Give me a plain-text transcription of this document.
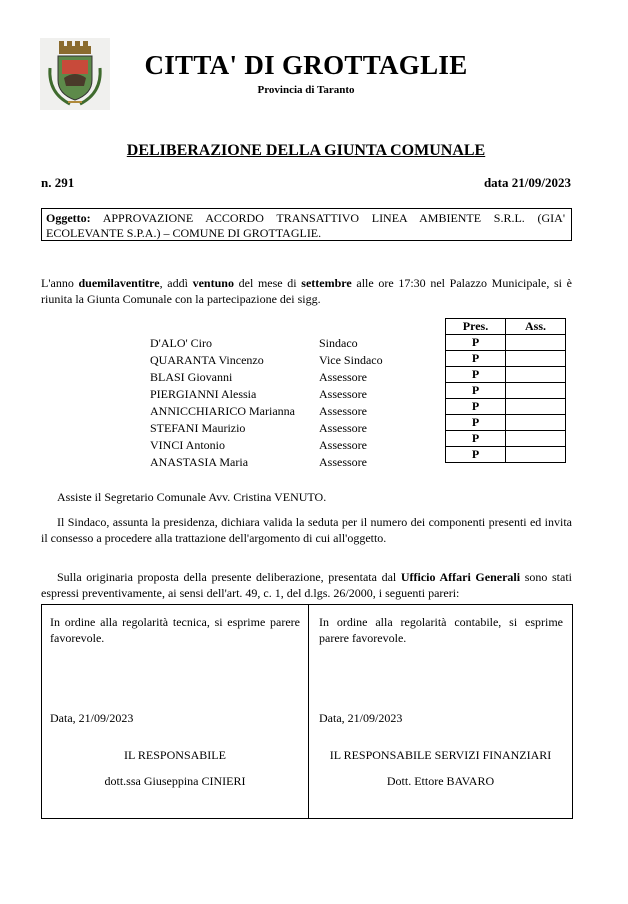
CITTA' DI GROTTAGLIE
Provincia di Taranto
DELIBERAZIONE DELLA GIUNTA COMUNALE
n. 291	data 21/09/2023
Oggetto: APPROVAZIONE ACCORDO TRANSATTIVO LINEA AMBIENTE S.R.L. (GIA' ECOLEVANTE S.P.A.) – COMUNE DI GROTTAGLIE.
L'anno duemilaventitre, addì ventuno del mese di settembre alle ore 17:30 nel Palazzo Municipale, si è riunita la Giunta Comunale con la partecipazione dei sigg.
D'ALO' Ciro	Sindaco
QUARANTA Vincenzo	Vice Sindaco
BLASI Giovanni	Assessore
PIERGIANNI Alessia	Assessore
ANNICCHIARICO Marianna Assessore
STEFANI Maurizio	Assessore
VINCI Antonio	Assessore
ANASTASIA Maria	Assessore
Pres.	Ass.
P	
P	
P	
P	
P	
P	
P	
P	
Assiste il Segretario Comunale Avv. Cristina VENUTO.
Il Sindaco, assunta la presidenza, dichiara valida la seduta per il numero dei componenti presenti ed invita il consesso a procedere alla trattazione dell'argomento di cui all'oggetto.
Sulla originaria proposta della presente deliberazione, presentata dal Ufficio Affari Generali sono stati espressi preventivamente, ai sensi dell'art. 49, c. 1, del d.lgs. 26/2000, i seguenti pareri:
In ordine alla regolarità tecnica, si esprime parere favorevole.
Data, 21/09/2023
IL RESPONSABILE
dott.ssa Giuseppina CINIERI
In ordine alla regolarità contabile, si esprime parere favorevole.
Data, 21/09/2023
IL RESPONSABILE SERVIZI FINANZIARI
Dott. Ettore BAVARO
